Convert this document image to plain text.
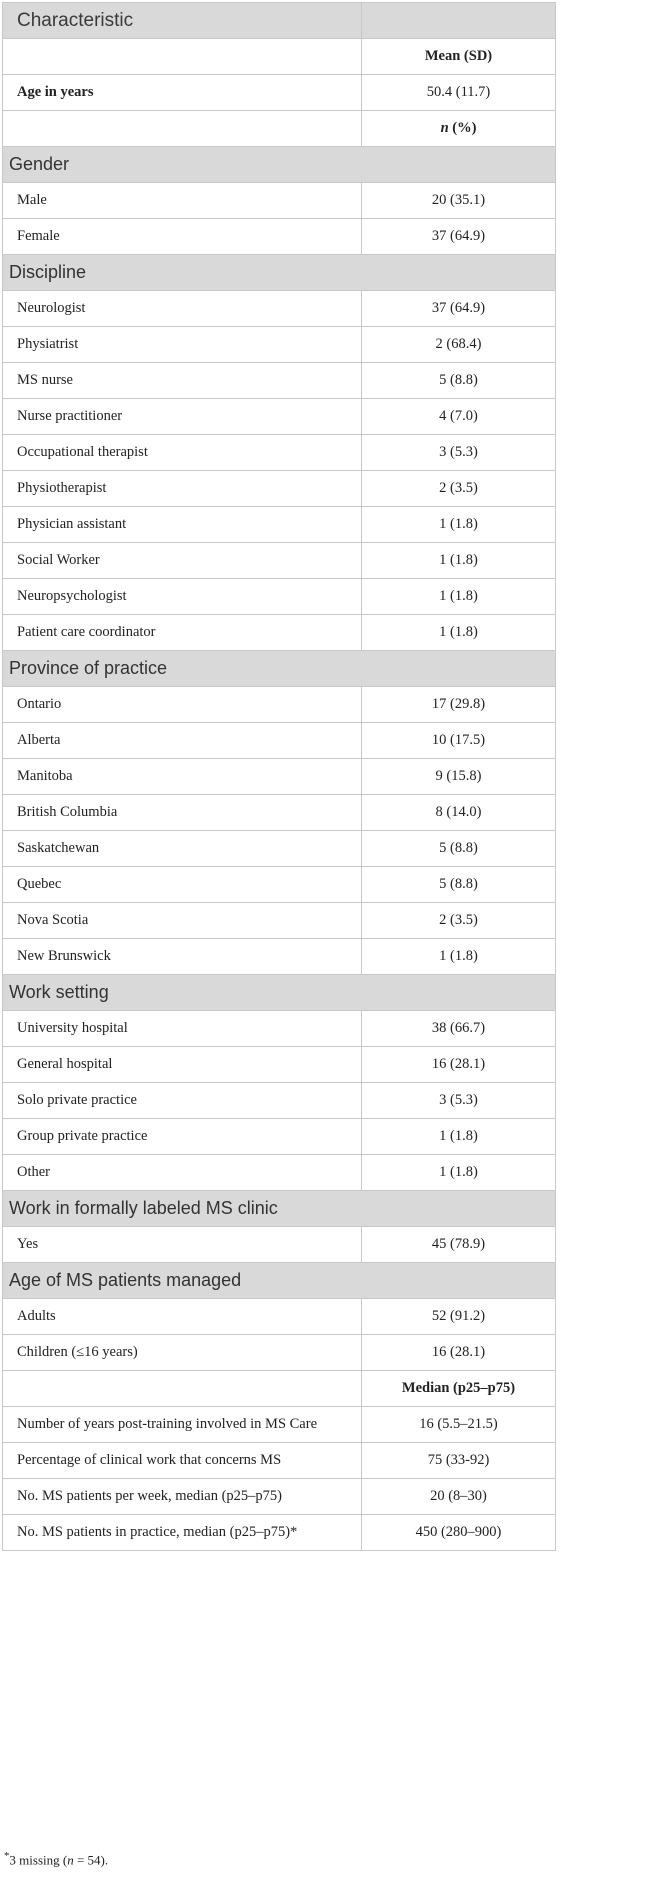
Characteristic	
	Mean (SD)
Age in years	50.4 (11.7)
	n (%)
Gender	
Male	20 (35.1)
Female	37 (64.9)
Discipline	
Neurologist	37 (64.9)
Physiatrist	2 (68.4)
MS nurse	5 (8.8)
Nurse practitioner	4 (7.0)
Occupational therapist	3 (5.3)
Physiotherapist	2 (3.5)
Physician assistant	1 (1.8)
Social Worker	1 (1.8)
Neuropsychologist	1 (1.8)
Patient care coordinator	1 (1.8)
Province of practice	
Ontario	17 (29.8)
Alberta	10 (17.5)
Manitoba	9 (15.8)
British Columbia	8 (14.0)
Saskatchewan	5 (8.8)
Quebec	5 (8.8)
Nova Scotia	2 (3.5)
New Brunswick	1 (1.8)
Work setting	
University hospital	38 (66.7)
General hospital	16 (28.1)
Solo private practice	3 (5.3)
Group private practice	1 (1.8)
Other	1 (1.8)
Work in formally labeled MS clinic	
Yes	45 (78.9)
Age of MS patients managed	
Adults	52 (91.2)
Children (≤16 years)	16 (28.1)
	Median (p25–p75)
Number of years post-training involved in MS Care	16 (5.5–21.5)
Percentage of clinical work that concerns MS	75 (33-92)
No. MS patients per week, median (p25–p75)	20 (8–30)
No. MS patients in practice, median (p25–p75)*	450 (280–900)
*3 missing (n = 54).
